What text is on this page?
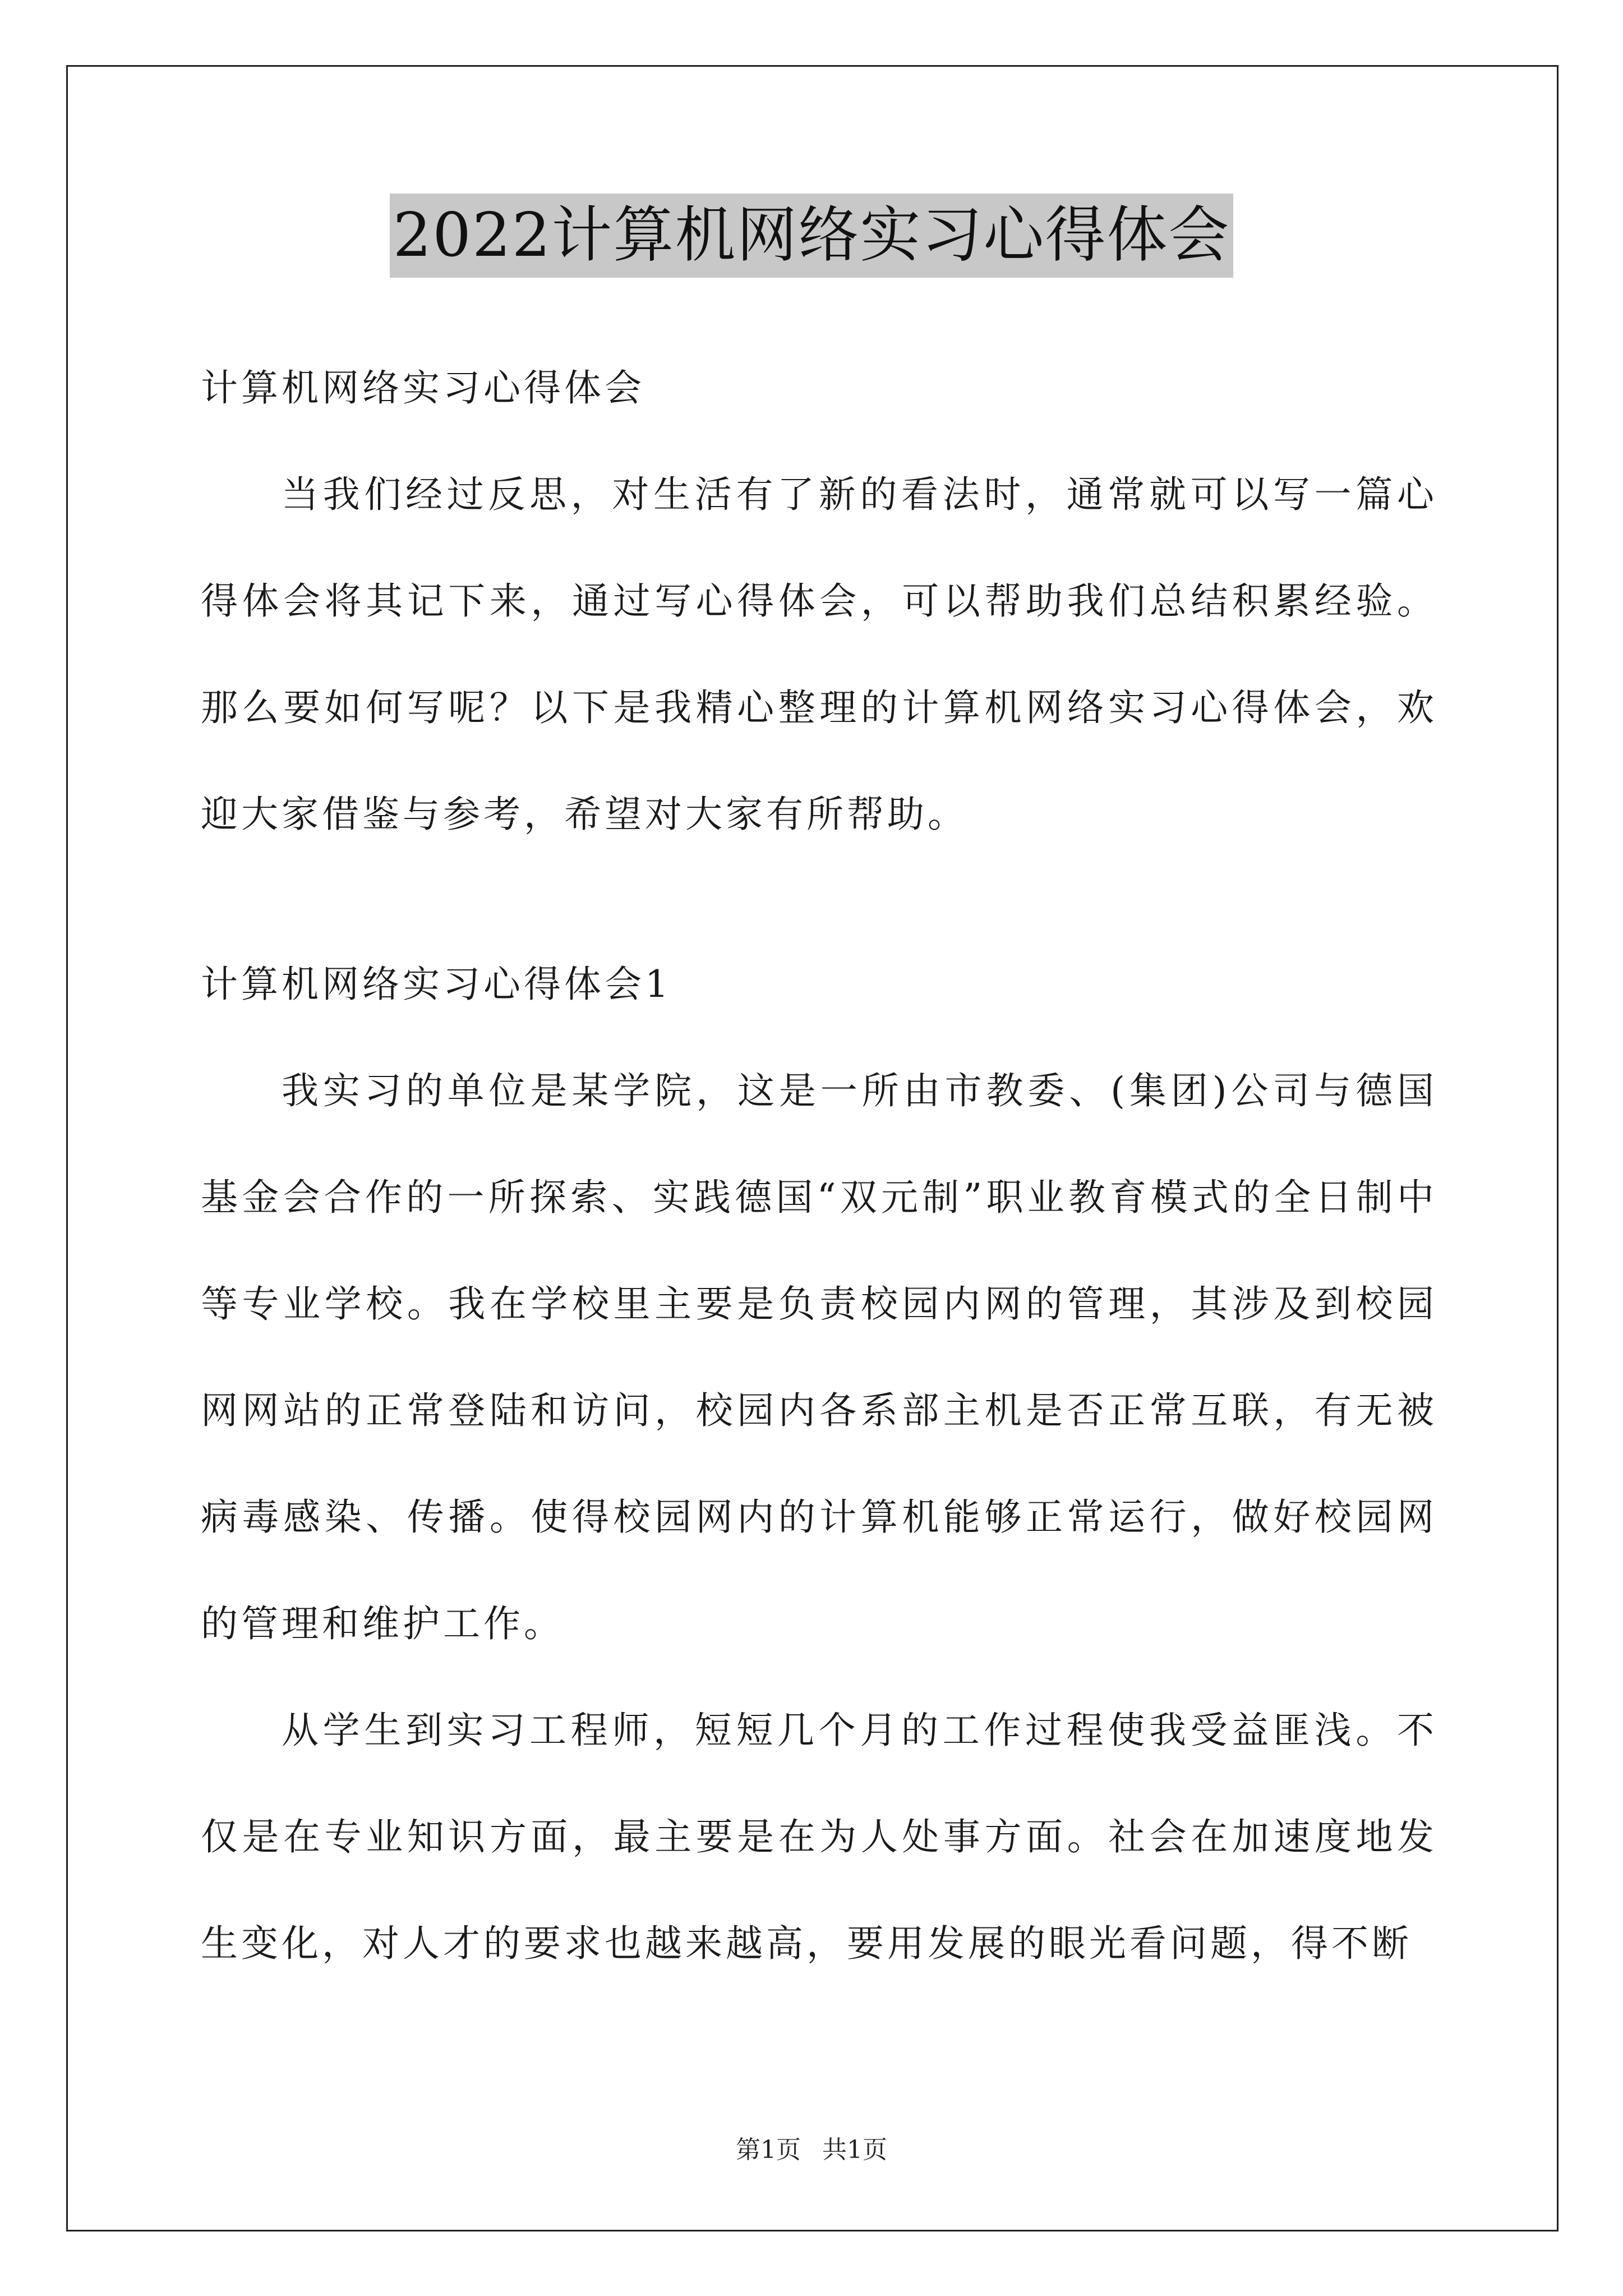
2022计算机网络实习心得体会

计算机网络实习心得体会

当我们经过反思，对生活有了新的看法时，通常就可以写一篇心得体会将其记下来，通过写心得体会，可以帮助我们总结积累经验。那么要如何写呢？以下是我精心整理的计算机网络实习心得体会，欢迎大家借鉴与参考，希望对大家有所帮助。

计算机网络实习心得体会1

我实习的单位是某学院，这是一所由市教委、(集团)公司与德国基金会合作的一所探索、实践德国“双元制”职业教育模式的全日制中等专业学校。我在学校里主要是负责校园内网的管理，其涉及到校园网网站的正常登陆和访问，校园内各系部主机是否正常互联，有无被病毒感染、传播。使得校园网内的计算机能够正常运行，做好校园网的管理和维护工作。

从学生到实习工程师，短短几个月的工作过程使我受益匪浅。不仅是在专业知识方面，最主要是在为人处事方面。社会在加速度地发生变化，对人才的要求也越来越高，要用发展的眼光看问题，得不断

第1页 共1页
